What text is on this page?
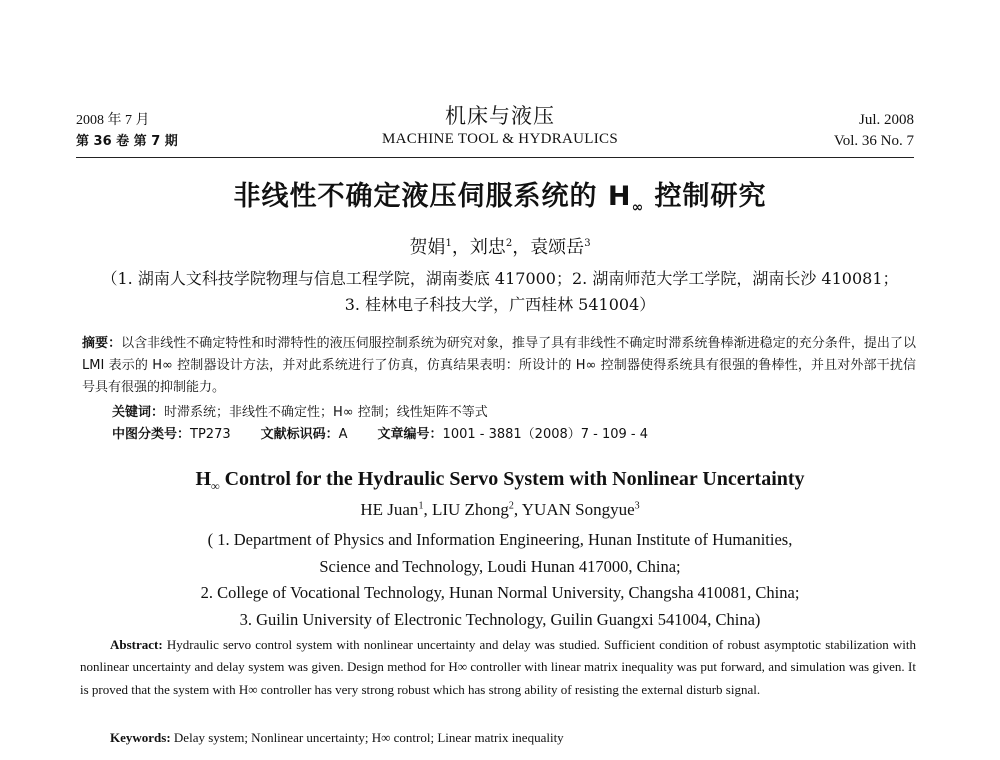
2008 年 7 月
第 36 卷 第 7 期
机床与液压
MACHINE TOOL & HYDRAULICS
Jul. 2008
Vol. 36 No. 7
非线性不确定液压伺服系统的 $H_\infty$ 控制研究
贺娟$^1$，刘忠$^2$，袁颂岳$^3$
（1. 湖南人文科技学院物理与信息工程学院，湖南娄底 417000；2. 湖南师范大学工学院，湖南长沙 410081；
3. 桂林电子科技大学，广西桂林 541004）
摘要：以含非线性不确定特性和时滞特性的液压伺服控制系统为研究对象，推导了具有非线性不确定时滞系统鲁棒渐进稳定的充分条件，提出了以 LMI 表示的 H∞ 控制器设计方法，并对此系统进行了仿真，仿真结果表明：所设计的 H∞ 控制器使得系统具有很强的鲁棒性，并且对外部干扰信号具有很强的抑制能力。
关键词：时滞系统；非线性不确定性；H∞ 控制；线性矩阵不等式
中图分类号：TP273 文献标识码：A 文章编号：1001 - 3881（2008）7 - 109 - 4
$H_\infty$ Control for the Hydraulic Servo System with Nonlinear Uncertainty
HE Juan$^1$, LIU Zhong$^2$, YUAN Songyue$^3$
( 1. Department of Physics and Information Engineering, Hunan Institute of Humanities,
Science and Technology, Loudi Hunan 417000, China;
2. College of Vocational Technology, Hunan Normal University, Changsha 410081, China;
3. Guilin University of Electronic Technology, Guilin Guangxi 541004, China)
Abstract: Hydraulic servo control system with nonlinear uncertainty and delay was studied. Sufficient condition of robust asymptotic stabilization with nonlinear uncertainty and delay system was given. Design method for H∞ controller with linear matrix inequality was put forward, and simulation was given. It is proved that the system with H∞ controller has very strong robust which has strong ability of resisting the external disturb signal.
Keywords: Delay system; Nonlinear uncertainty; H∞ control; Linear matrix inequality
